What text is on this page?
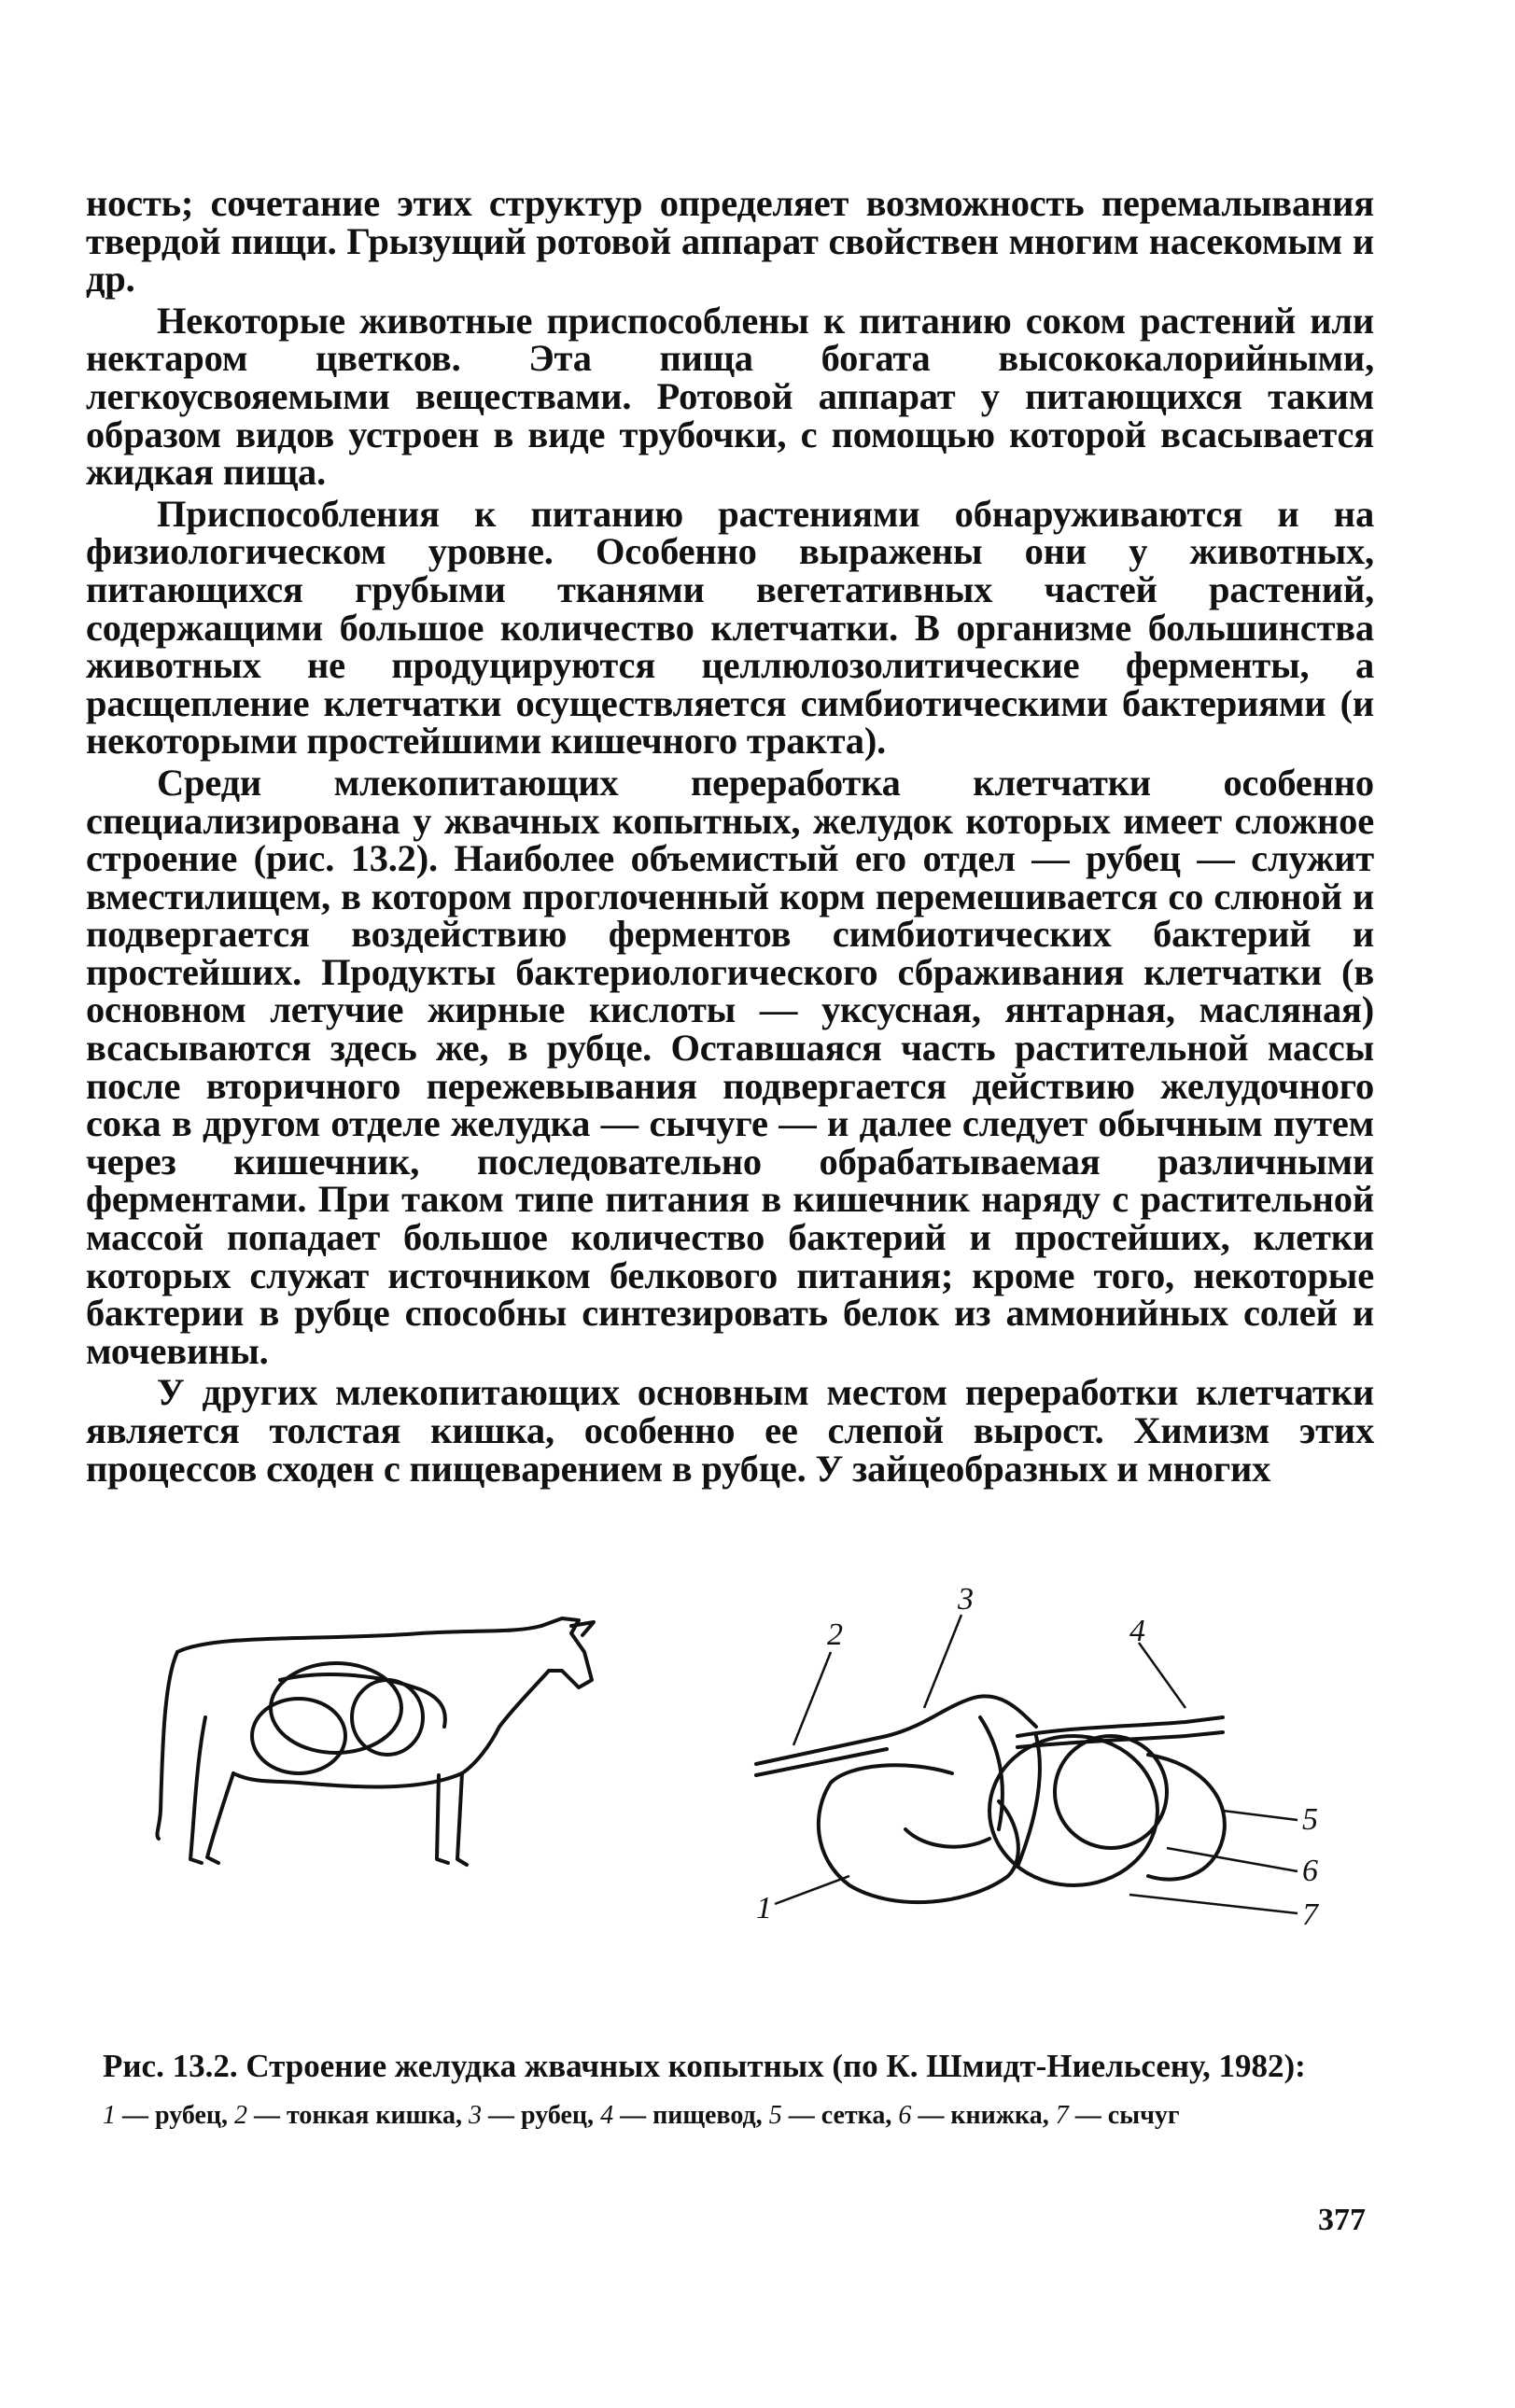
ность; сочетание этих структур определяет возможность перемалывания твердой пищи. Грызущий ротовой аппарат свойствен многим насекомым и др.

Некоторые животные приспособлены к питанию соком растений или нектаром цветков. Эта пища богата высококалорийными, легкоусвояемыми веществами. Ротовой аппарат у питающихся таким образом видов устроен в виде трубочки, с помощью которой всасывается жидкая пища.

Приспособления к питанию растениями обнаруживаются и на физиологическом уровне. Особенно выражены они у животных, питающихся грубыми тканями вегетативных частей растений, содержащими большое количество клетчатки. В организме большинства животных не продуцируются целлюлозолитические ферменты, а расщепление клетчатки осуществляется симбиотическими бактериями (и некоторыми простейшими кишечного тракта).

Среди млекопитающих переработка клетчатки особенно специализирована у жвачных копытных, желудок которых имеет сложное строение (рис. 13.2). Наиболее объемистый его отдел — рубец — служит вместилищем, в котором проглоченный корм перемешивается со слюной и подвергается воздействию ферментов симбиотических бактерий и простейших. Продукты бактериологического сбраживания клетчатки (в основном летучие жирные кислоты — уксусная, янтарная, масляная) всасываются здесь же, в рубце. Оставшаяся часть растительной массы после вторичного пережевывания подвергается действию желудочного сока в другом отделе желудка — сычуге — и далее следует обычным путем через кишечник, последовательно обрабатываемая различными ферментами. При таком типе питания в кишечник наряду с растительной массой попадает большое количество бактерий и простейших, клетки которых служат источником белкового питания; кроме того, некоторые бактерии в рубце способны синтезировать белок из аммонийных солей и мочевины.

У других млекопитающих основным местом переработки клетчатки является толстая кишка, особенно ее слепой вырост. Химизм этих процессов сходен с пищеварением в рубце. У зайцеобразных и многих

1
2
3
4
5
6
7
Рис. 13.2. Строение желудка жвачных копытных (по К. Шмидт-Ниельсену, 1982):
1 — рубец, 2 — тонкая кишка, 3 — рубец, 4 — пищевод, 5 — сетка, 6 — книжка, 7 — сычуг
377
